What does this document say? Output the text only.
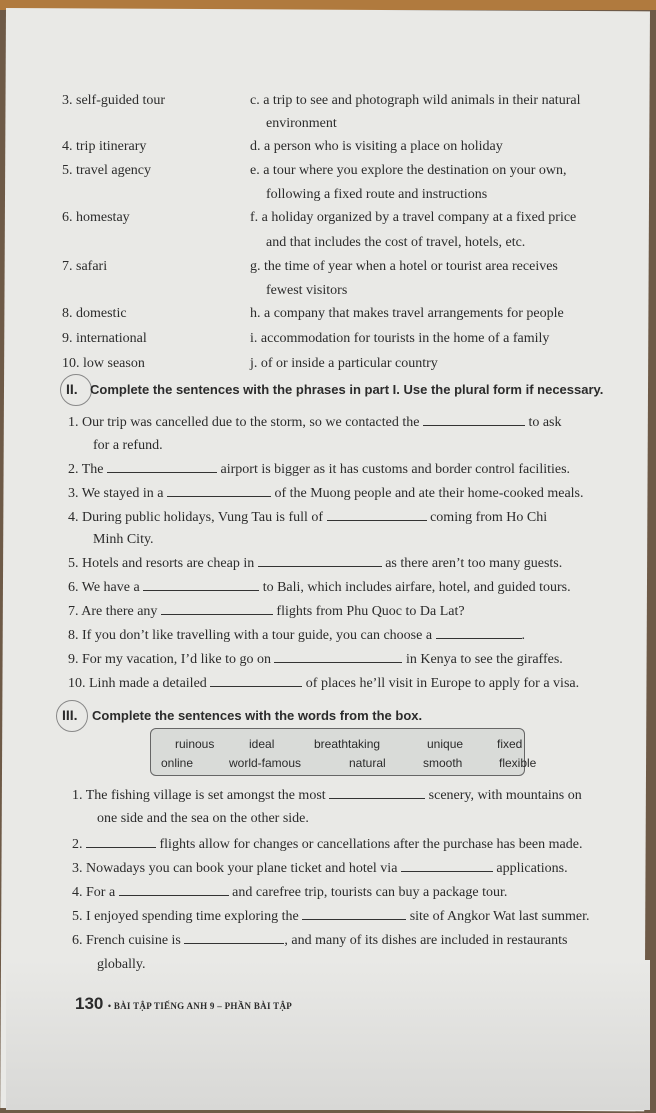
3. self-guided tour	c. a trip to see and photograph wild animals in their natural
environment
4. trip itinerary	d. a person who is visiting a place on holiday
5. travel agency	e. a tour where you explore the destination on your own,
following a fixed route and instructions
6. homestay	f. a holiday organized by a travel company at a fixed price
and that includes the cost of travel, hotels, etc.
7. safari	g. the time of year when a hotel or tourist area receives
fewest visitors
8. domestic	h. a company that makes travel arrangements for people
9. international	i. accommodation for tourists in the home of a family
10. low season	j. of or inside a particular country
II. Complete the sentences with the phrases in part I. Use the plural form if necessary.
1. Our trip was cancelled due to the storm, so we contacted the	to ask
for a refund.
2. The	airport is bigger as it has customs and border control facilities.
3. We stayed in a	of the Muong people and ate their home-cooked meals.
4. During public holidays, Vung Tau is full of	coming from Ho Chi
Minh City.
5. Hotels and resorts are cheap in	as there aren’t too many guests.
6. We have a	to Bali, which includes airfare, hotel, and guided tours.
7. Are there any	flights from Phu Quoc to Da Lat?
8. If you don’t like travelling with a tour guide, you can choose a	.
9. For my vacation, I’d like to go on	in Kenya to see the giraffes.
10. Linh made a detailed	of places he’ll visit in Europe to apply for a visa.
III. Complete the sentences with the words from the box.
ruinous	ideal	breathtaking	unique	fixed
online	world-famous	natural	smooth	flexible
1. The fishing village is set amongst the most	scenery, with mountains on
one side and the sea on the other side.
2.	flights allow for changes or cancellations after the purchase has been made.
3. Nowadays you can book your plane ticket and hotel via	applications.
4. For a	and carefree trip, tourists can buy a package tour.
5. I enjoyed spending time exploring the	site of Angkor Wat last summer.
6. French cuisine is	, and many of its dishes are included in restaurants
globally.
130 • BÀI TẬP TIẾNG ANH 9 – PHẦN BÀI TẬP
